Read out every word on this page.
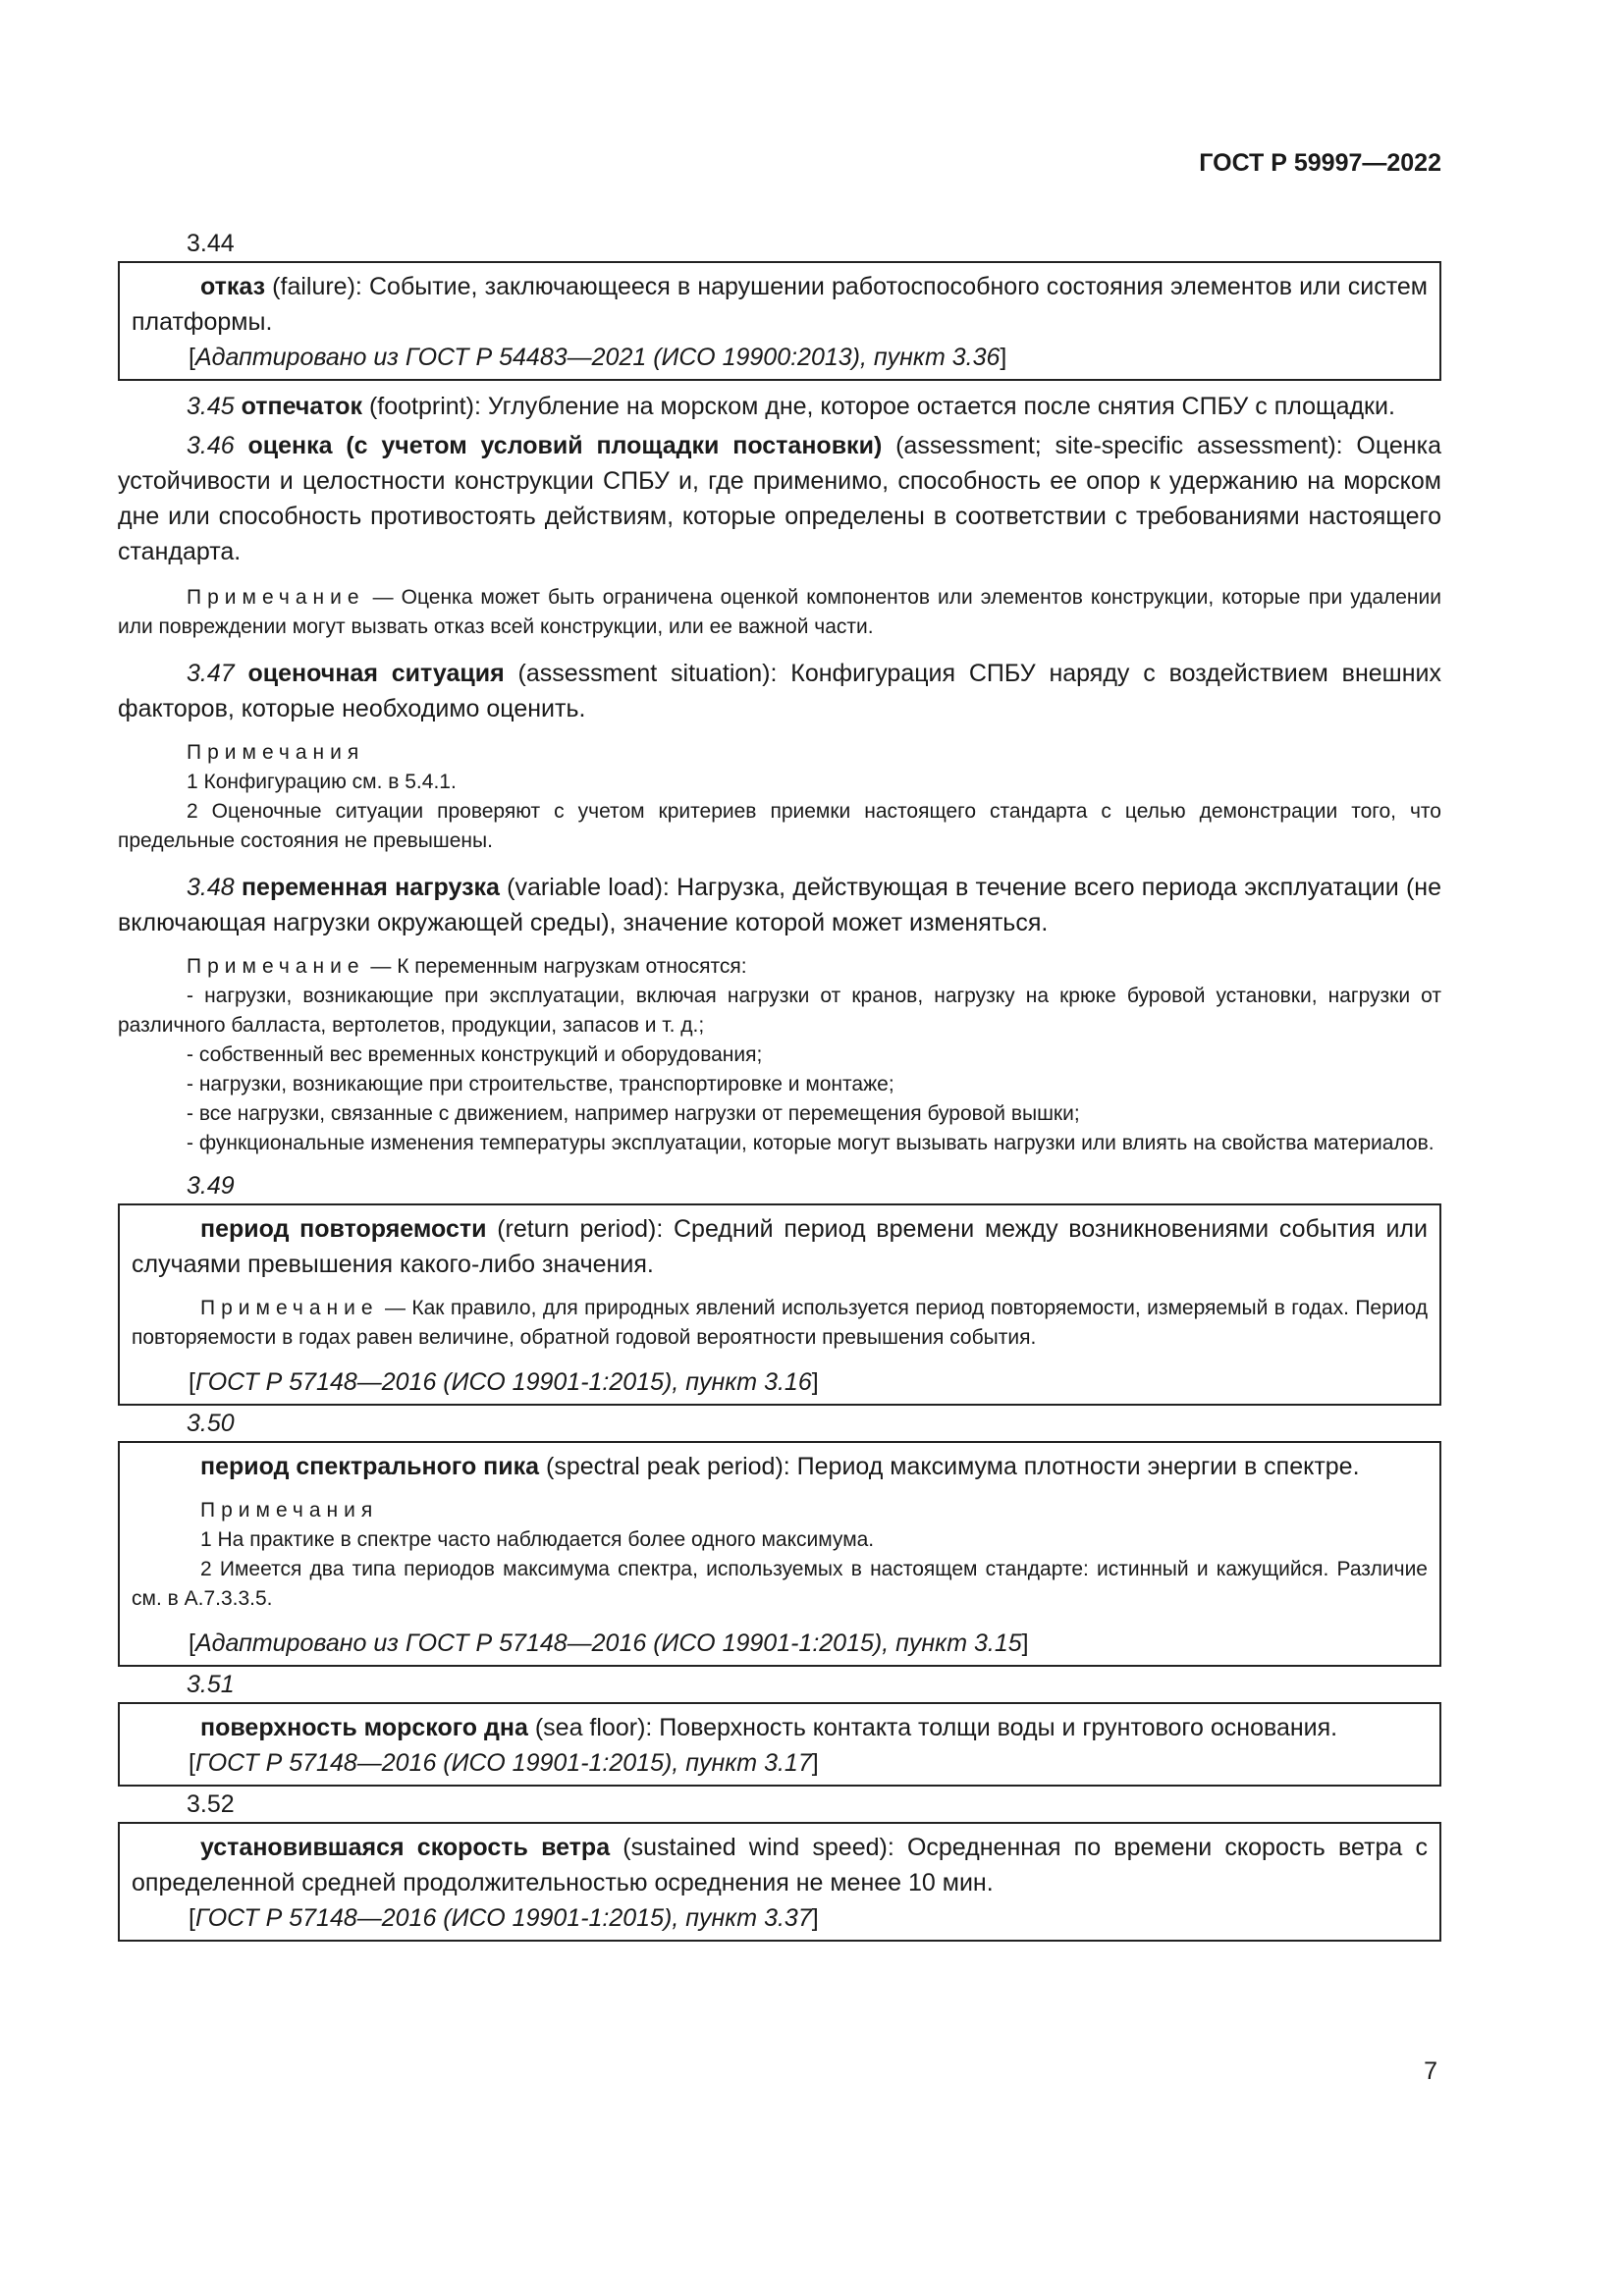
ГОСТ Р 59997—2022

3.44

отказ (failure): Событие, заключающееся в нарушении работоспособного состояния элементов или систем платформы.

[Адаптировано из ГОСТ Р 54483—2021 (ИСО 19900:2013), пункт 3.36]

3.45 отпечаток (footprint): Углубление на морском дне, которое остается после снятия СПБУ с площадки.

3.46 оценка (с учетом условий площадки постановки) (assessment; site-specific assessment): Оценка устойчивости и целостности конструкции СПБУ и, где применимо, способность ее опор к удержанию на морском дне или способность противостоять действиям, которые определены в соответствии с требованиями настоящего стандарта.

Примечание — Оценка может быть ограничена оценкой компонентов или элементов конструкции, которые при удалении или повреждении могут вызвать отказ всей конструкции, или ее важной части.

3.47 оценочная ситуация (assessment situation): Конфигурация СПБУ наряду с воздействием внешних факторов, которые необходимо оценить.

Примечания

1 Конфигурацию см. в 5.4.1.

2 Оценочные ситуации проверяют с учетом критериев приемки настоящего стандарта с целью демонстрации того, что предельные состояния не превышены.

3.48 переменная нагрузка (variable load): Нагрузка, действующая в течение всего периода эксплуатации (не включающая нагрузки окружающей среды), значение которой может изменяться.

Примечание — К переменным нагрузкам относятся:

- нагрузки, возникающие при эксплуатации, включая нагрузки от кранов, нагрузку на крюке буровой установки, нагрузки от различного балласта, вертолетов, продукции, запасов и т. д.;

- собственный вес временных конструкций и оборудования;

- нагрузки, возникающие при строительстве, транспортировке и монтаже;

- все нагрузки, связанные с движением, например нагрузки от перемещения буровой вышки;

- функциональные изменения температуры эксплуатации, которые могут вызывать нагрузки или влиять на свойства материалов.

3.49

период повторяемости (return period): Средний период времени между возникновениями события или случаями превышения какого-либо значения.

Примечание — Как правило, для природных явлений используется период повторяемости, измеряемый в годах. Период повторяемости в годах равен величине, обратной годовой вероятности превышения события.

[ГОСТ Р 57148—2016 (ИСО 19901-1:2015), пункт 3.16]

3.50

период спектрального пика (spectral peak period): Период максимума плотности энергии в спектре.

Примечания

1 На практике в спектре часто наблюдается более одного максимума.

2 Имеется два типа периодов максимума спектра, используемых в настоящем стандарте: истинный и кажущийся. Различие см. в А.7.3.3.5.

[Адаптировано из ГОСТ Р 57148—2016 (ИСО 19901-1:2015), пункт 3.15]

3.51

поверхность морского дна (sea floor): Поверхность контакта толщи воды и грунтового основания.

[ГОСТ Р 57148—2016 (ИСО 19901-1:2015), пункт 3.17]

3.52

установившаяся скорость ветра (sustained wind speed): Осредненная по времени скорость ветра с определенной средней продолжительностью осреднения не менее 10 мин.

[ГОСТ Р 57148—2016 (ИСО 19901-1:2015), пункт 3.37]

7
